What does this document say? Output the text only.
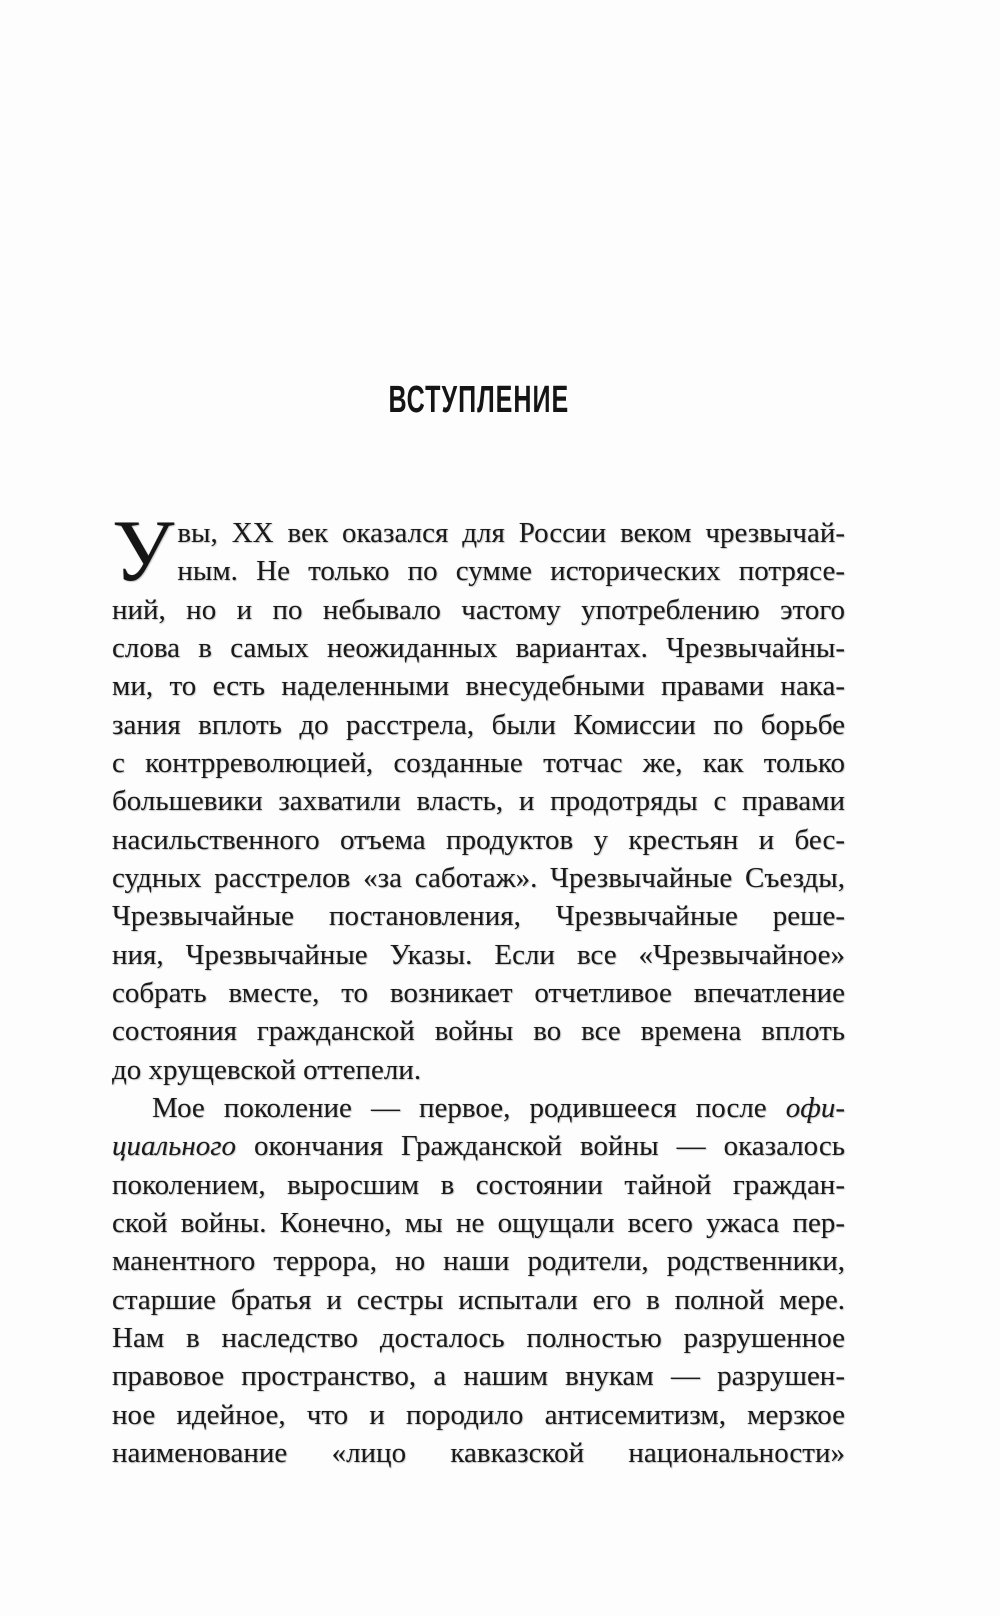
ВСТУПЛЕНИЕ
У вы, XX век оказался для России веком чрезвычай-
ным. Не только по сумме исторических потрясе-
ний, но и по небывало частому употреблению этого
слова в самых неожиданных вариантах. Чрезвычайны-
ми, то есть наделенными внесудебными правами нака-
зания вплоть до расстрела, были Комиссии по борьбе
с контрреволюцией, созданные тотчас же, как только
большевики захватили власть, и продотряды с правами
насильственного отъема продуктов у крестьян и бес-
судных расстрелов «за саботаж». Чрезвычайные Съезды,
Чрезвычайные постановления, Чрезвычайные реше-
ния, Чрезвычайные Указы. Если все «Чрезвычайное»
собрать вместе, то возникает отчетливое впечатление
состояния гражданской войны во все времена вплоть
до хрущевской оттепели.
Мое поколение — первое, родившееся после офи-
циального окончания Гражданской войны — оказалось
поколением, выросшим в состоянии тайной граждан-
ской войны. Конечно, мы не ощущали всего ужаса пер-
манентного террора, но наши родители, родственники,
старшие братья и сестры испытали его в полной мере.
Нам в наследство досталось полностью разрушенное
правовое пространство, а нашим внукам — разрушен-
ное идейное, что и породило антисемитизм, мерзкое
наименование «лицо кавказской национальности»
